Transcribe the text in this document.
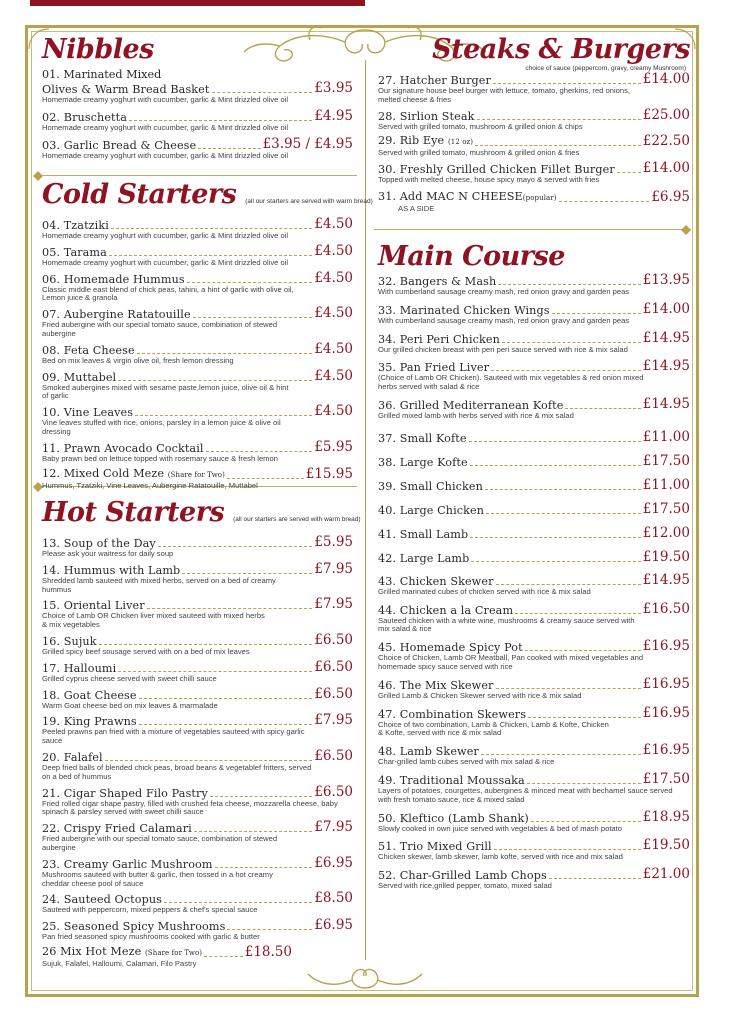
Nibbles
01. Marinated Mixed
Olives & Warm Bread Basket	£3.95
Homemade creamy yoghurt with cucumber, garlic & Mint drizzled olive oil
02. Bruschetta	£4.95
Homemade creamy yoghurt with cucumber, garlic & Mint drizzled olive oil
03. Garlic Bread & Cheese	£3.95 / £4.95
Homemade creamy yoghurt with cucumber, garlic & Mint drizzled olive oil
Cold Starters (all our starters are served with warm bread)
04. Tzatziki	£4.50
Homemade creamy yoghurt with cucumber, garlic & Mint drizzled olive oil
05. Tarama	£4.50
Homemade creamy yoghurt with cucumber, garlic & Mint drizzled olive oil
06. Homemade Hummus	£4.50
Classic middle east blend of chick peas, tahini, a hint of garlic with olive oil, Lemon juice & granola
07. Aubergine Ratatouille	£4.50
Fried aubergine with our special tomato sauce, combination of stewed aubergine
08. Feta Cheese	£4.50
Bed on mix leaves & virgin olive oil, fresh lemon dressing
09. Muttabel	£4.50
Smoked aubergines mixed with sesame paste,lemon juice, olive oil & hint of garlic
10. Vine Leaves	£4.50
Vine leaves stuffed with rice, onions, parsley in a lemon juice & olive oil dressing
11. Prawn Avocado Cocktail	£5.95
Baby prawn bed on lettuce topped with rosemary sauce & fresh lemon
12. Mixed Cold Meze (Share for Two)	£15.95
Hummus, Tzatziki, Vine Leaves, Aubergine Ratatouille, Muttabel
Hot Starters (all our starters are served with warm bread)
13. Soup of the Day	£5.95
Please ask your waitress for daily soup
14. Hummus with Lamb	£7.95
Shredded lamb sauteed with mixed herbs, served on a bed of creamy hummus
15. Oriental Liver	£7.95
Choice of Lamb OR Chicken liver mixed sauteed with mixed herbs & mix vegetables
16. Sujuk	£6.50
Grilled spicy beef sousage served with on a bed of mix leaves
17. Halloumi	£6.50
Grilled cyprus cheese served with sweet chilli sauce
18. Goat Cheese	£6.50
Warm Goat cheese bed on mix leaves & marmalade
19. King Prawns	£7.95
Peeled prawns pan fried with a mixture of vegetables sauteed with spicy garlic sauce
20. Falafel	£6.50
Deep fried balls of blended chick peas, broad beans & vegetablef fritters, served on a bed of hummus
21. Cigar Shaped Filo Pastry	£6.50
Fried rolled cigar shape pastry, filled with crushed feta cheese, mozzarella cheese, baby spinach & parsley served with sweet chilli sauce
22. Crispy Fried Calamari	£7.95
Fried aubergine with our special tomato sauce, combination of stewed aubergine
23. Creamy Garlic Mushroom	£6.95
Mushrooms sauteed with butter & garlic, then tossed in a hot creamy cheddar cheese pool of sauce
24. Sauteed Octopus	£8.50
Sauteed with peppercorn, mixed peppers & chef's special sauce
25. Seasoned Spicy Mushrooms	£6.95
Pan fried seasoned spicy mushrooms cooked with garlic & butter
26 Mix Hot Meze (Share for Two)	£18.50
Sujuk, Falafel, Halloumi, Calamari, Filo Pastry
Steaks & Burgers
choice of sauce (peppercorn, gravy, creamy Mushroom)
27. Hatcher Burger	£14.00
Our signature house beef burger with lettuce, tomato, gherkins, red onions, melted cheese & fries
28. Sirlion Steak	£25.00
Served with grilled tomato, mushroom & grilled onion & chips
29. Rib Eye (12 oz)	£22.50
Served with grilled tomato, mushroom & grilled onion & fries
30. Freshly Grilled Chicken Fillet Burger £14.00
Topped with melted cheese, house spicy mayo & served with fries
31. Add MAC N CHEESE(popular)	£6.95
AS A SIDE
Main Course
32. Bangers & Mash	£13.95
With cumberland sausage creamy mash, red onion gravy and garden peas
33. Marinated Chicken Wings	£14.00
With cumberland sausage creamy mash, red onion gravy and garden peas
34. Peri Peri Chicken	£14.95
Our grilled chicken breast with peri peri sauce served with rice & mix salad
35. Pan Fried Liver	£14.95
(Choice of Lamb OR Chicken). Sauteed with mix vegetables & red onion mixed herbs served with salad & rice
36. Grilled Mediterranean Kofte	£14.95
Grilled mixed lamb with herbs served with rice & mix salad
37. Small Kofte	£11.00
38. Large Kofte	£17.50
39. Small Chicken	£11.00
40. Large Chicken	£17.50
41. Small Lamb	£12.00
42. Large Lamb	£19.50
43. Chicken Skewer	£14.95
Grilled marinated cubes of chicken served with rice & mix salad
44. Chicken a la Cream	£16.50
Sauteed chicken with a white wine, mushrooms & creamy sauce served with mix salad & rice
45. Homemade Spicy Pot	£16.95
Choice of Chicken, Lamb OR Meatball, Pan cooked with mixed vegetables and homemade spicy sauce served with rice
46. The Mix Skewer	£16.95
Grilled Lamb & Chicken Skewer served with rice & mix salad
47. Combination Skewers	£16.95
Choice of two combination, Lamb & Chicken, Lamb & Kofte, Chicken & Kofte, served with rice & mix salad
48. Lamb Skewer	£16.95
Char-grilled lamb cubes served with mix salad & rice
49. Traditional Moussaka	£17.50
Layers of potatoes, courgettes, aubergines & minced meat with bechamel sauce served with fresh tomato sauce, rice & mixed salad
50. Kleftico (Lamb Shank)	£18.95
Slowly cooked in own juice served with vegetables & bed of mash potato
51. Trio Mixed Grill	£19.50
Chicken skewer, lamb skewer, lamb kofte, served with rice and mix salad
52. Char-Grilled Lamb Chops	£21.00
Served with rice,grilled pepper, tomato, mixed salad
